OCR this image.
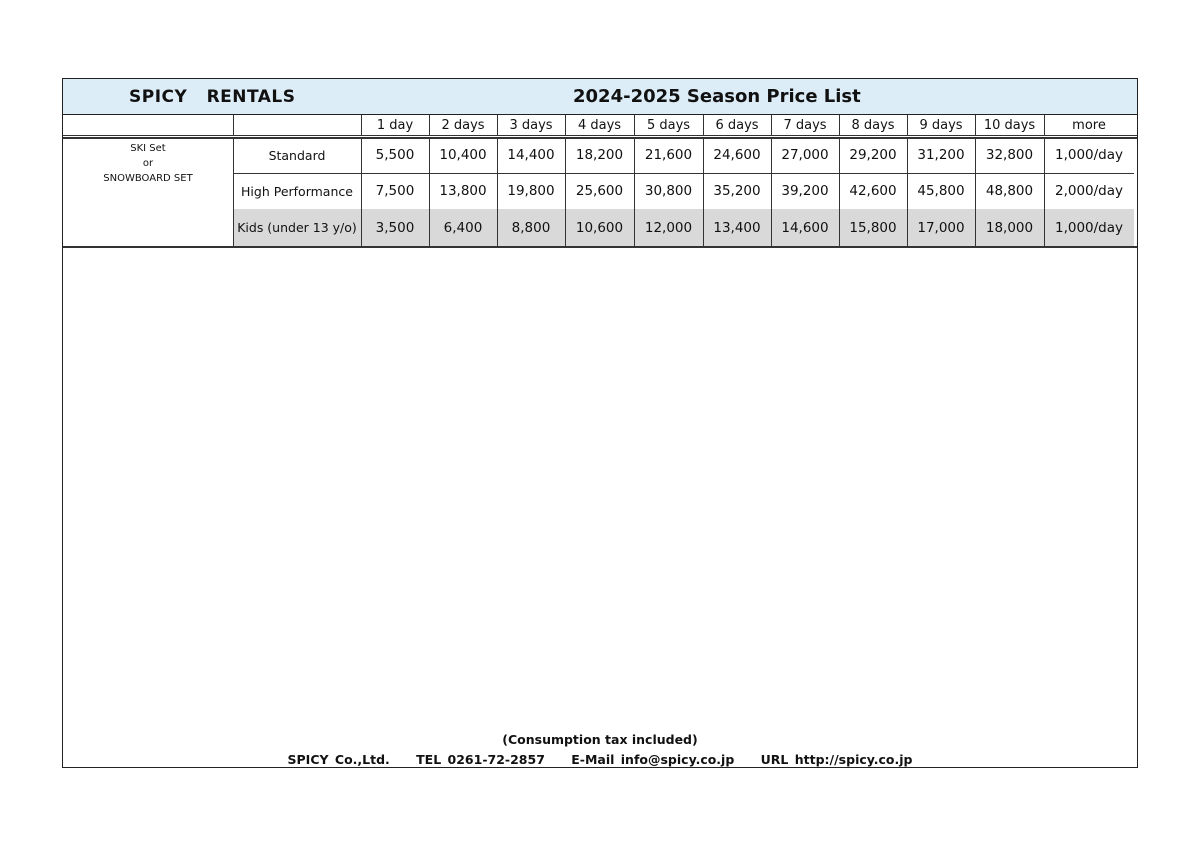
SPICY   RENTALS	2024-2025 Season Price List
1 day	2 days	3 days	4 days	5 days	6 days	7 days	8 days	9 days	10 days	more
Standard	5,500	10,400	14,400	18,200	21,600	24,600	27,000	29,200	31,200	32,800	1,000/day
High Performance	7,500	13,800	19,800	25,600	30,800	35,200	39,200	42,600	45,800	48,800	2,000/day
Kids (under 13 y/o)	3,500	6,400	8,800	10,600	12,000	13,400	14,600	15,800	17,000	18,000	1,000/day
SKI Set
or
SNOWBOARD SET
(Consumption tax included)
SPICY Co.,Ltd. TEL 0261-72-2857 E-Mail info@spicy.co.jp URL http://spicy.co.jp
